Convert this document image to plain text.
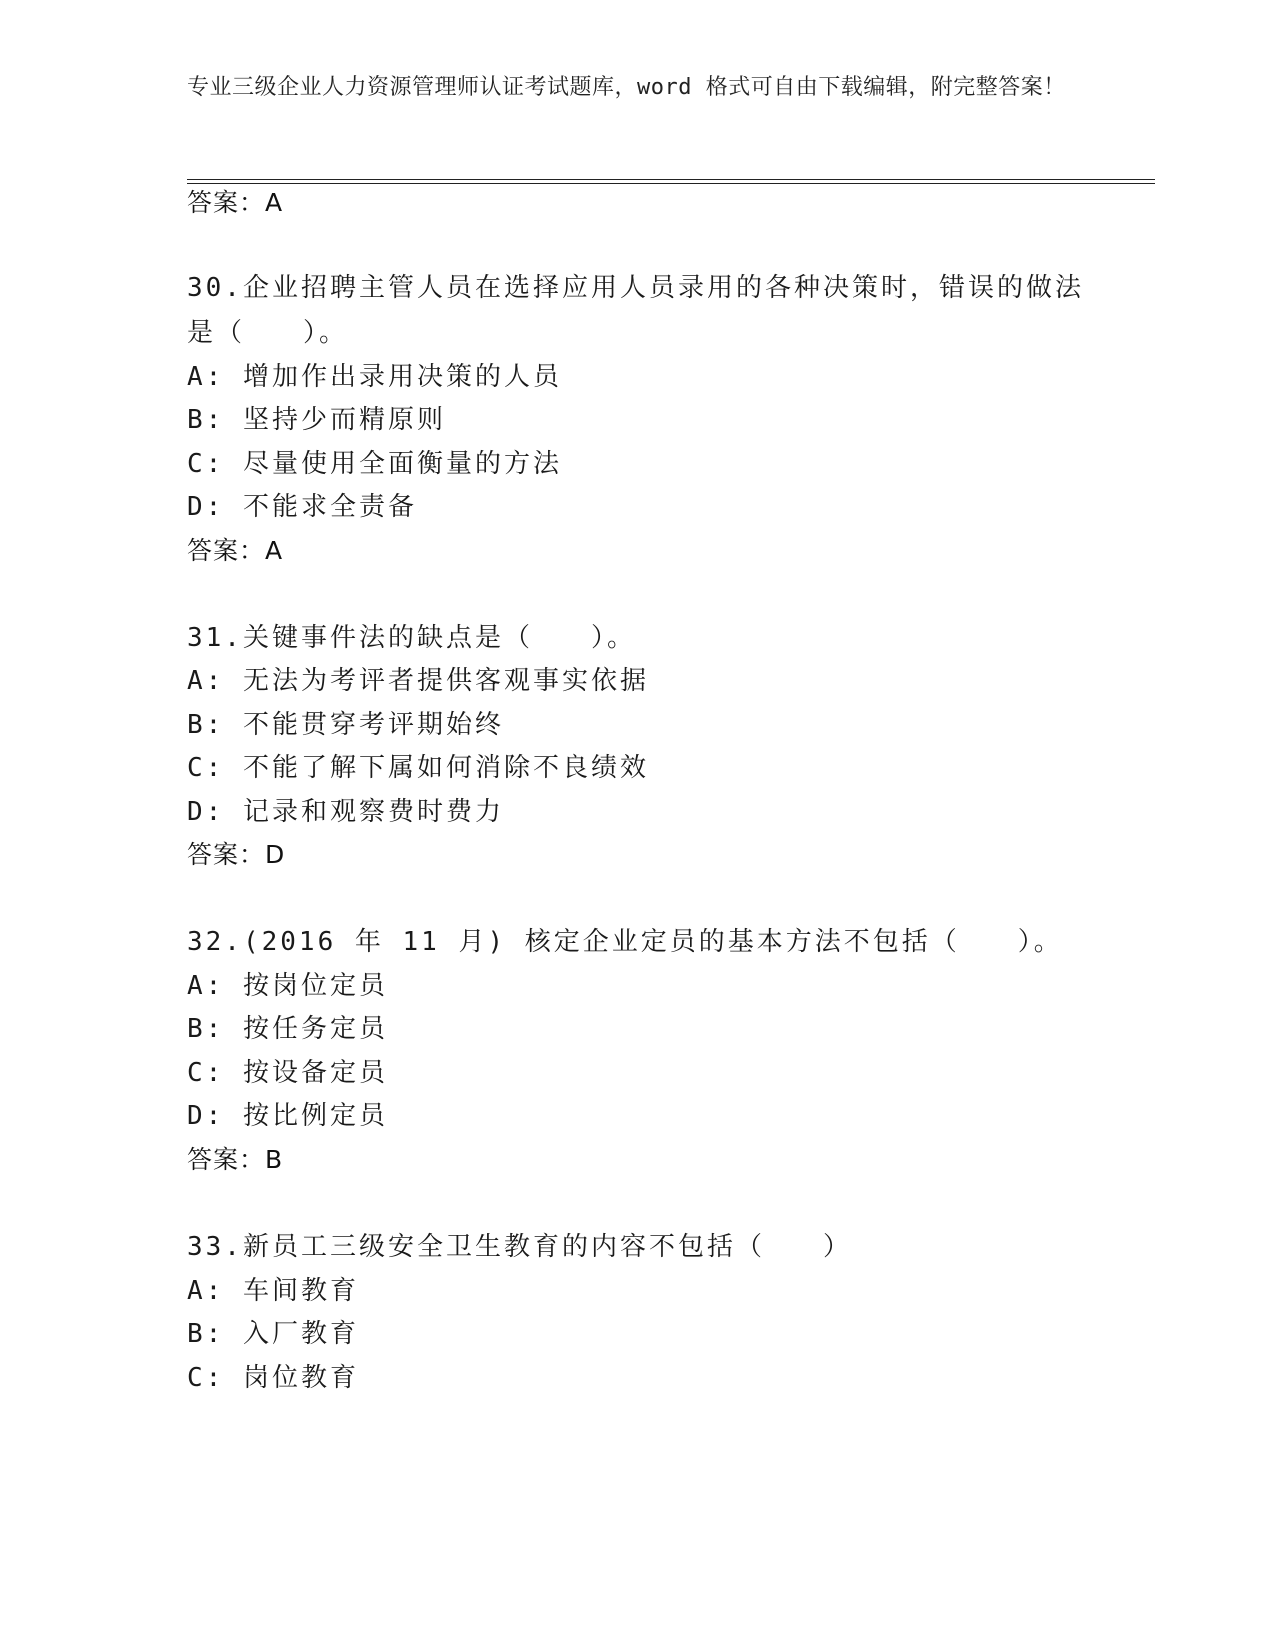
专业三级企业人力资源管理师认证考试题库，word 格式可自由下载编辑，附完整答案！
答案：A
30.企业招聘主管人员在选择应用人员录用的各种决策时，错误的做法是（　　）。
A: 增加作出录用决策的人员
B: 坚持少而精原则
C: 尽量使用全面衡量的方法
D: 不能求全责备
答案：A
31.关键事件法的缺点是（　　）。
A: 无法为考评者提供客观事实依据
B: 不能贯穿考评期始终
C: 不能了解下属如何消除不良绩效
D: 记录和观察费时费力
答案：D
32.(2016 年 11 月) 核定企业定员的基本方法不包括（　　）。
A: 按岗位定员
B: 按任务定员
C: 按设备定员
D: 按比例定员
答案：B
33.新员工三级安全卫生教育的内容不包括（　　）
A: 车间教育
B: 入厂教育
C: 岗位教育
